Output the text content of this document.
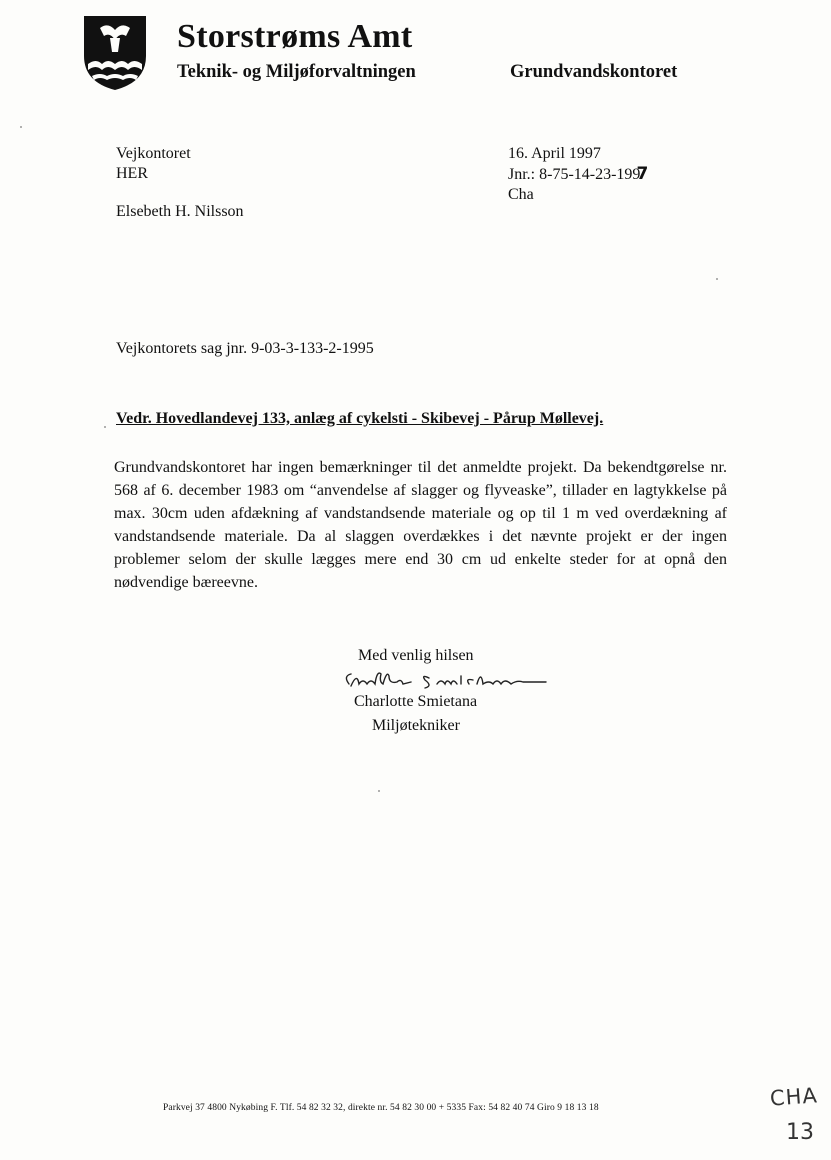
Storstrøms Amt
Teknik- og Miljøforvaltningen	Grundvandskontoret
Vejkontoret
HER
Elsebeth H. Nilsson
16. April 1997
Jnr.: 8-75-14-23-1997
Cha
Vejkontorets sag jnr. 9-03-3-133-2-1995
Vedr. Hovedlandevej 133, anlæg af cykelsti - Skibevej - Pårup Møllevej.
Grundvandskontoret har ingen bemærkninger til det anmeldte projekt. Da bekendtgørelse nr. 568 af 6. december 1983 om “anvendelse af slagger og flyveaske”, tillader en lagtykkelse på max. 30cm uden afdækning af vandstandsende materiale og op til 1 m ved overdækning af vandstandsende materiale. Da al slaggen overdækkes i det nævnte projekt er der ingen problemer selom der skulle lægges mere end 30 cm ud enkelte steder for at opnå den nødvendige bæreevne.
Med venlig hilsen
Charlotte Smietana
Miljøtekniker
Parkvej 37 4800 Nykøbing F. Tlf. 54 82 32 32, direkte nr. 54 82 30 00 + 5335 Fax: 54 82 40 74 Giro 9 18 13 18	CHA
13
